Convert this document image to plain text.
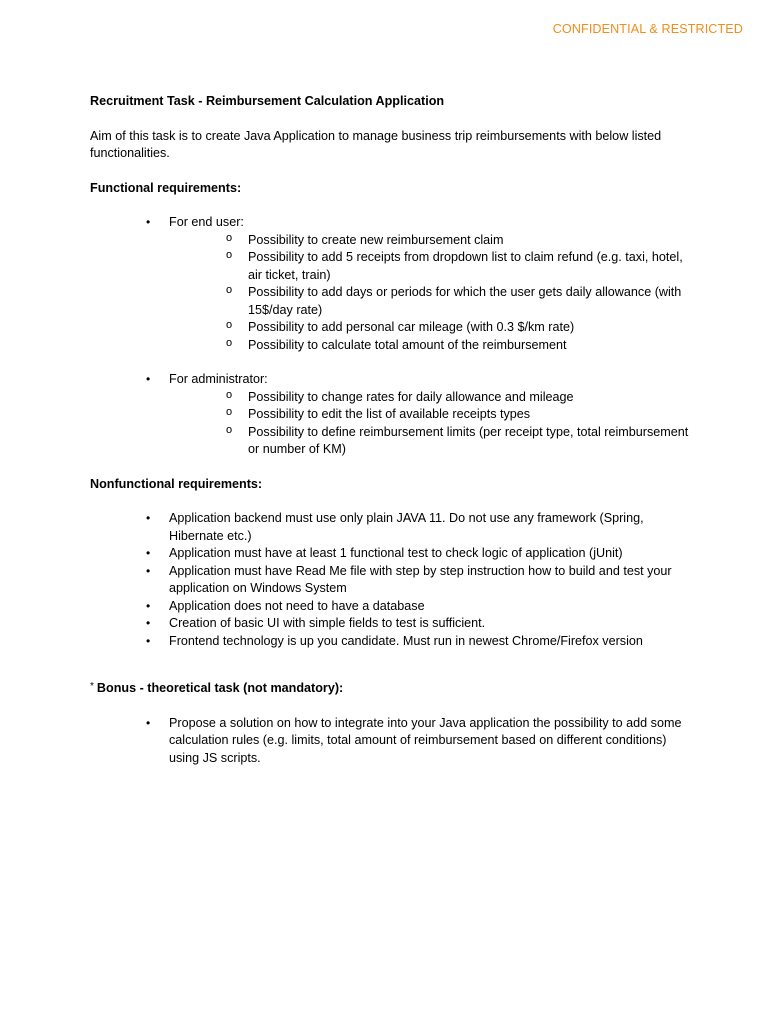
CONFIDENTIAL & RESTRICTED

Recruitment Task - Reimbursement Calculation Application

Aim of this task is to create Java Application to manage business trip reimbursements with below listed functionalities.

Functional requirements:

• For end user:
o Possibility to create new reimbursement claim
o Possibility to add 5 receipts from dropdown list to claim refund (e.g. taxi, hotel, air ticket, train)
o Possibility to add days or periods for which the user gets daily allowance (with 15$/day rate)
o Possibility to add personal car mileage (with 0.3 $/km rate)
o Possibility to calculate total amount of the reimbursement
• For administrator:
o Possibility to change rates for daily allowance and mileage
o Possibility to edit the list of available receipts types
o Possibility to define reimbursement limits (per receipt type, total reimbursement or number of KM)

Nonfunctional requirements:

• Application backend must use only plain JAVA 11. Do not use any framework (Spring, Hibernate etc.)
• Application must have at least 1 functional test to check logic of application (jUnit)
• Application must have Read Me file with step by step instruction how to build and test your application on Windows System
• Application does not need to have a database
• Creation of basic UI with simple fields to test is sufficient.
• Frontend technology is up you candidate. Must run in newest Chrome/Firefox version

* Bonus - theoretical task (not mandatory):

• Propose a solution on how to integrate into your Java application the possibility to add some calculation rules (e.g. limits, total amount of reimbursement based on different conditions) using JS scripts.
